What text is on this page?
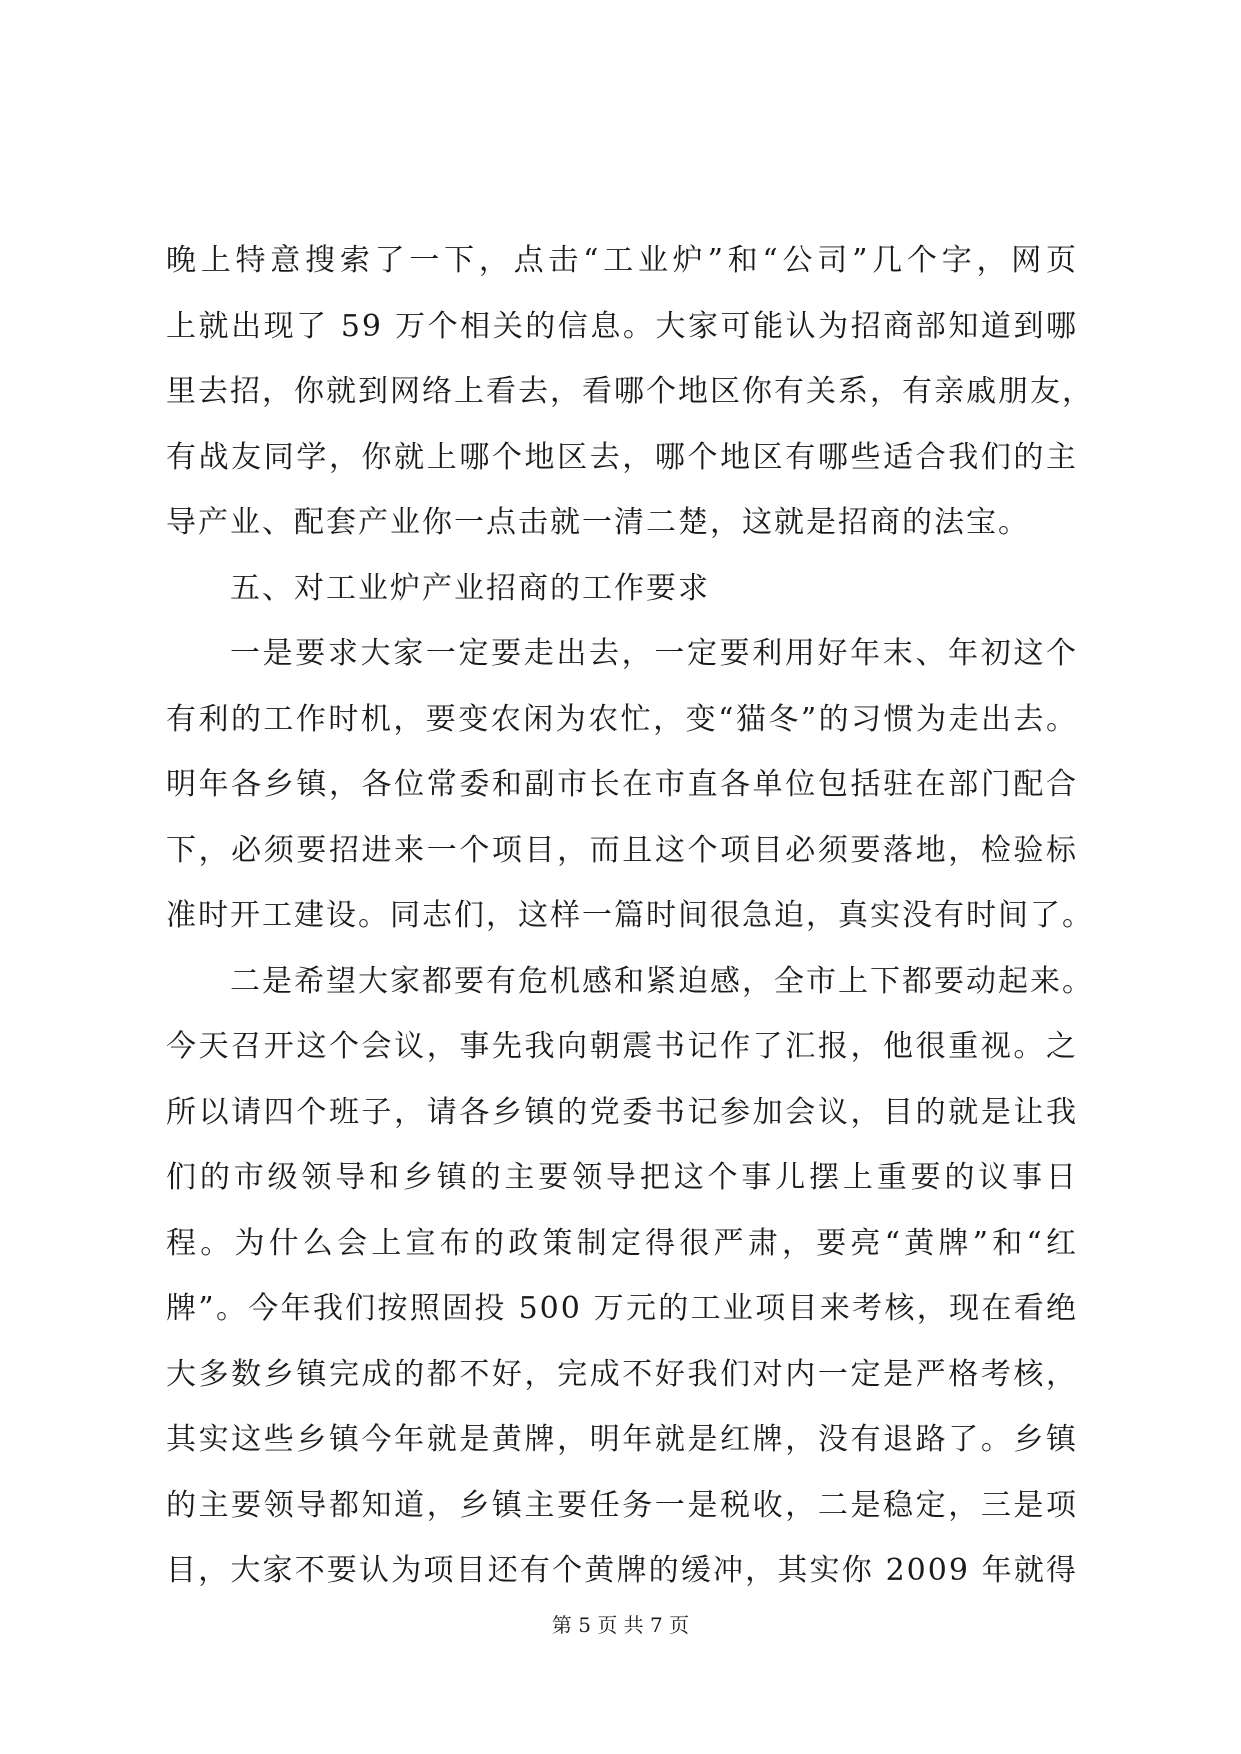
晚上特意搜索了一下，点击“工业炉”和“公司”几个字，网页
上就出现了 59 万个相关的信息。大家可能认为招商部知道到哪
里去招，你就到网络上看去，看哪个地区你有关系，有亲戚朋友，
有战友同学，你就上哪个地区去，哪个地区有哪些适合我们的主
导产业、配套产业你一点击就一清二楚，这就是招商的法宝。
五、对工业炉产业招商的工作要求
一是要求大家一定要走出去，一定要利用好年末、年初这个
有利的工作时机，要变农闲为农忙，变“猫冬”的习惯为走出去。
明年各乡镇，各位常委和副市长在市直各单位包括驻在部门配合
下，必须要招进来一个项目，而且这个项目必须要落地，检验标
准时开工建设。同志们，这样一篇时间很急迫，真实没有时间了。
二是希望大家都要有危机感和紧迫感，全市上下都要动起来。
今天召开这个会议，事先我向朝震书记作了汇报，他很重视。之
所以请四个班子，请各乡镇的党委书记参加会议，目的就是让我
们的市级领导和乡镇的主要领导把这个事儿摆上重要的议事日
程。为什么会上宣布的政策制定得很严肃，要亮“黄牌”和“红
牌”。今年我们按照固投 500 万元的工业项目来考核，现在看绝
大多数乡镇完成的都不好，完成不好我们对内一定是严格考核，
其实这些乡镇今年就是黄牌，明年就是红牌，没有退路了。乡镇
的主要领导都知道，乡镇主要任务一是税收，二是稳定，三是项
目，大家不要认为项目还有个黄牌的缓冲，其实你 2009 年就得
第 5 页 共 7 页
